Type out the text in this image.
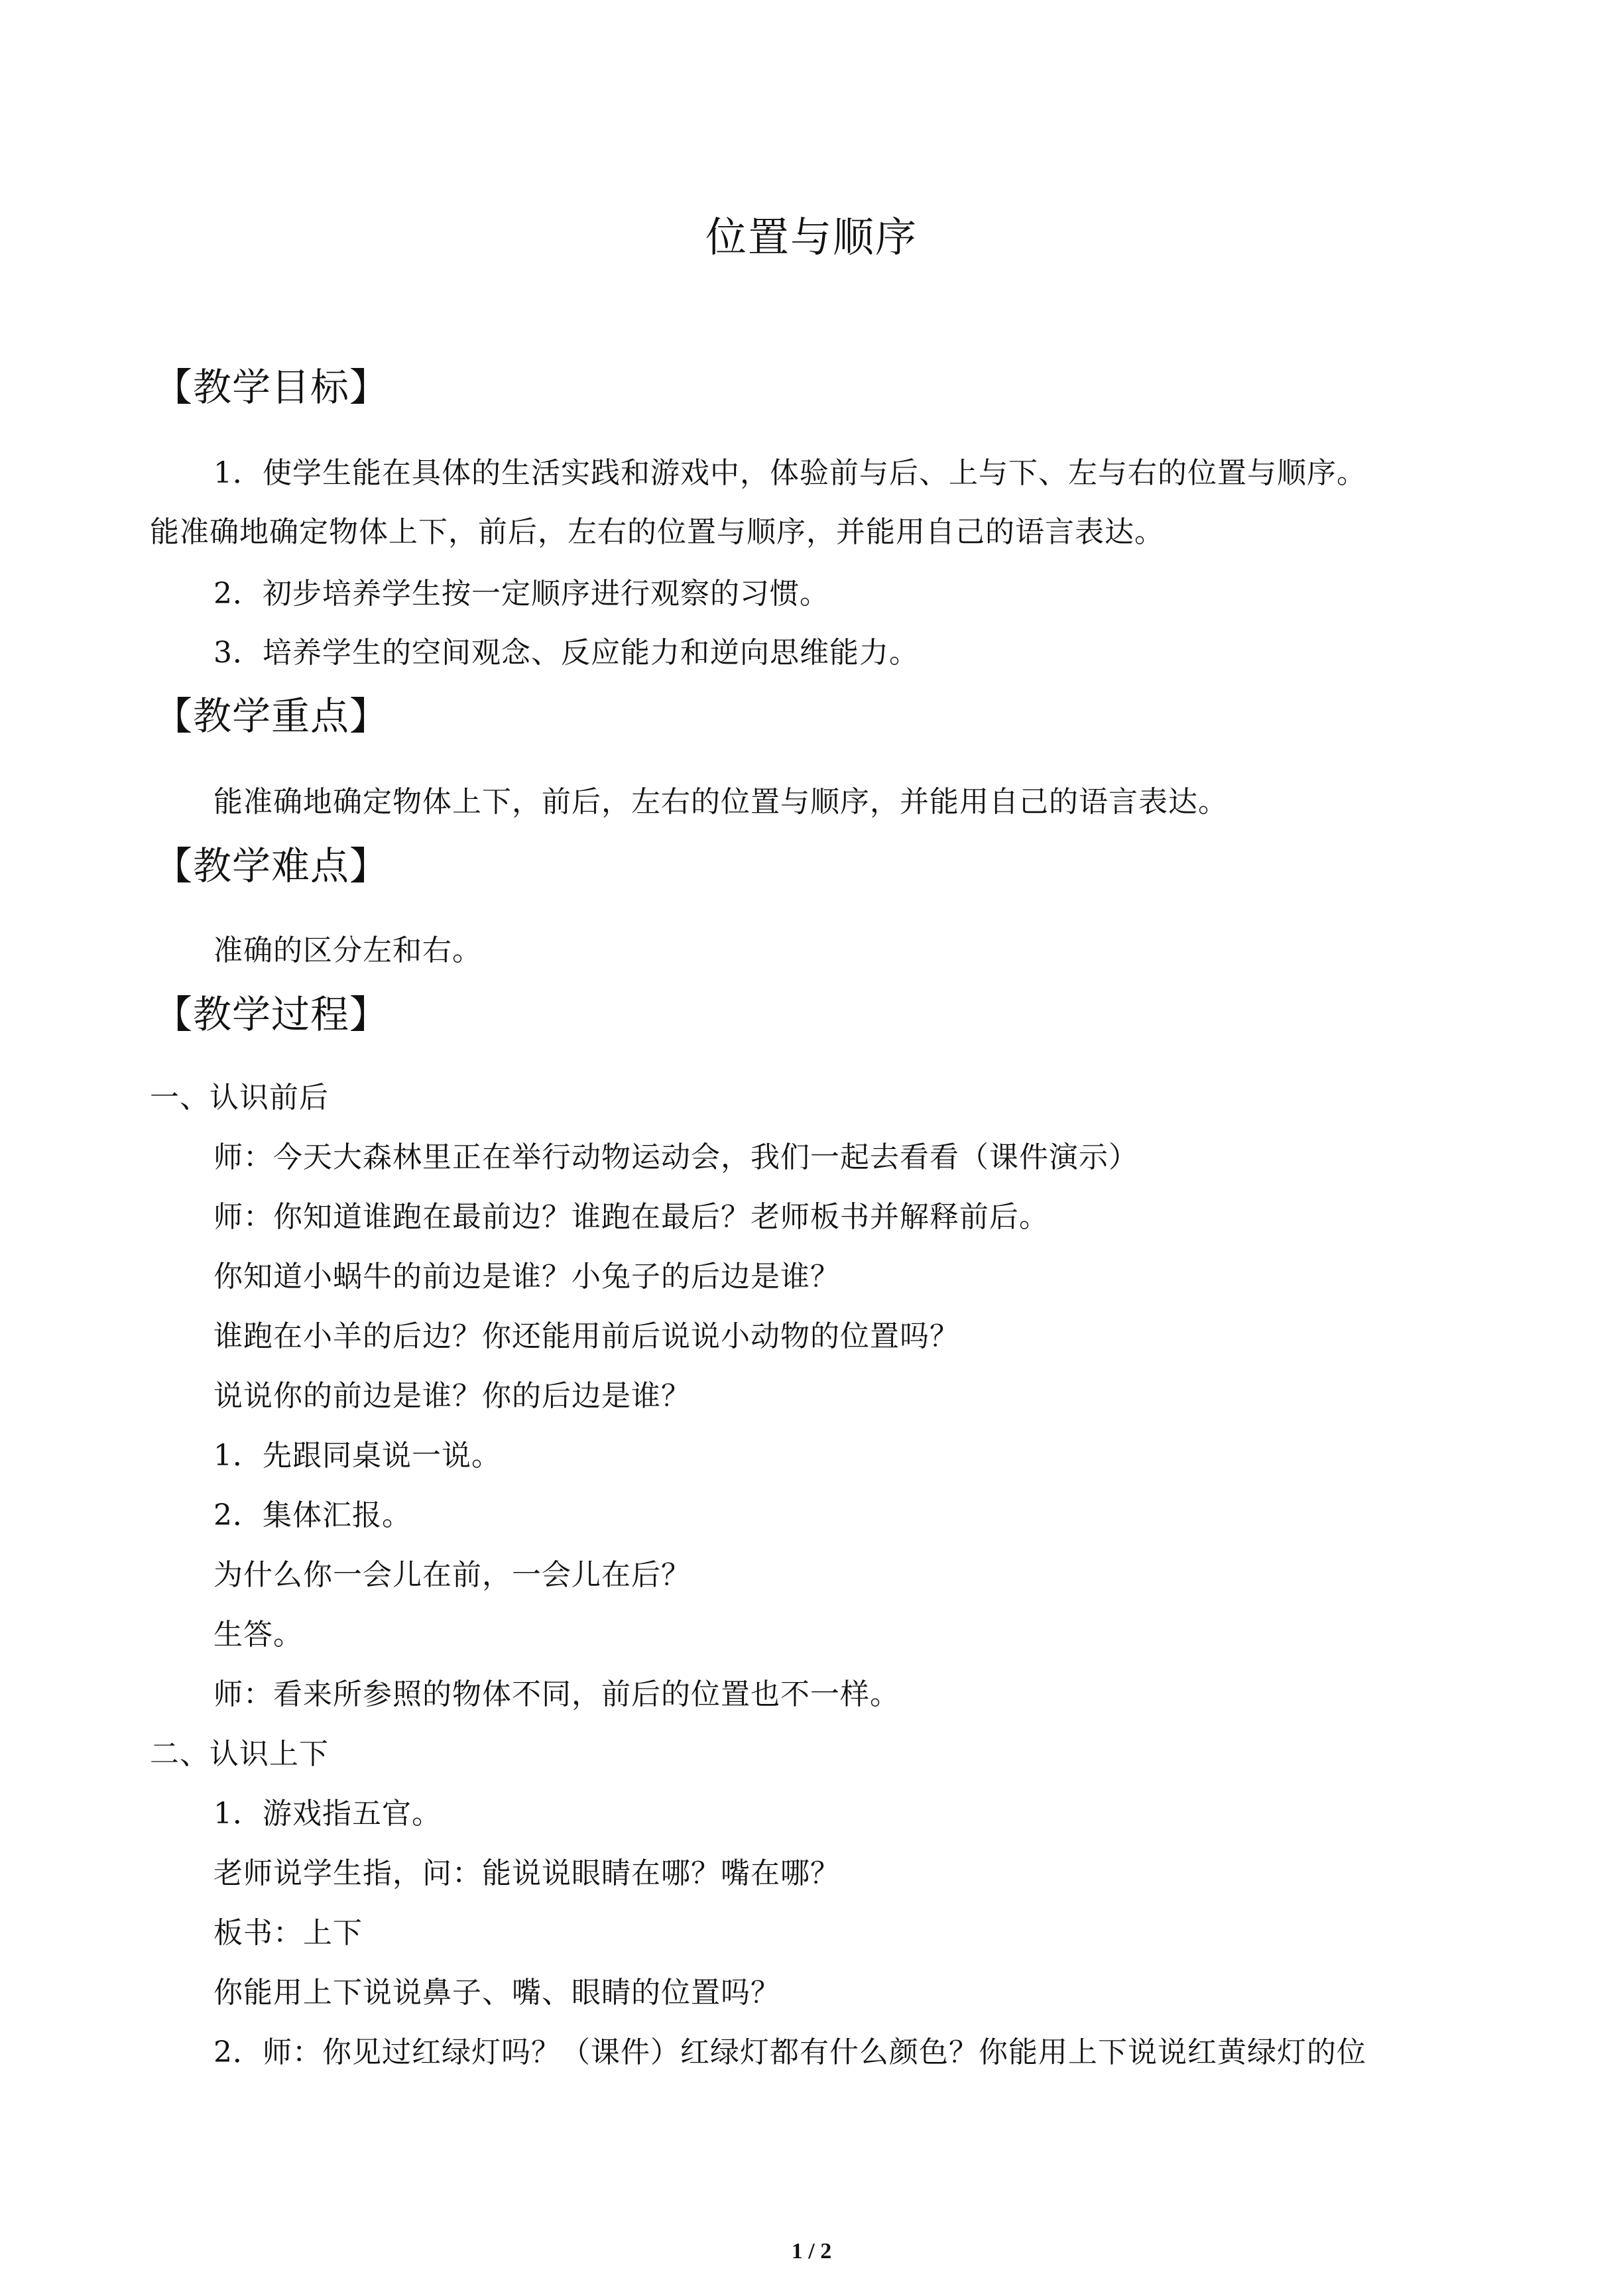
位置与顺序
【教学目标】
1．使学生能在具体的生活实践和游戏中，体验前与后、上与下、左与右的位置与顺序。
能准确地确定物体上下，前后，左右的位置与顺序，并能用自己的语言表达。
2．初步培养学生按一定顺序进行观察的习惯。
3．培养学生的空间观念、反应能力和逆向思维能力。
【教学重点】
能准确地确定物体上下，前后，左右的位置与顺序，并能用自己的语言表达。
【教学难点】
准确的区分左和右。
【教学过程】
一、认识前后
师：今天大森林里正在举行动物运动会，我们一起去看看（课件演示）
师：你知道谁跑在最前边？谁跑在最后？老师板书并解释前后。
你知道小蜗牛的前边是谁？小兔子的后边是谁？
谁跑在小羊的后边？你还能用前后说说小动物的位置吗？
说说你的前边是谁？你的后边是谁？
1．先跟同桌说一说。
2．集体汇报。
为什么你一会儿在前，一会儿在后？
生答。
师：看来所参照的物体不同，前后的位置也不一样。
二、认识上下
1．游戏指五官。
老师说学生指，问：能说说眼睛在哪？嘴在哪？
板书：上下
你能用上下说说鼻子、嘴、眼睛的位置吗？
2．师：你见过红绿灯吗？（课件）红绿灯都有什么颜色？你能用上下说说红黄绿灯的位
1 / 2
